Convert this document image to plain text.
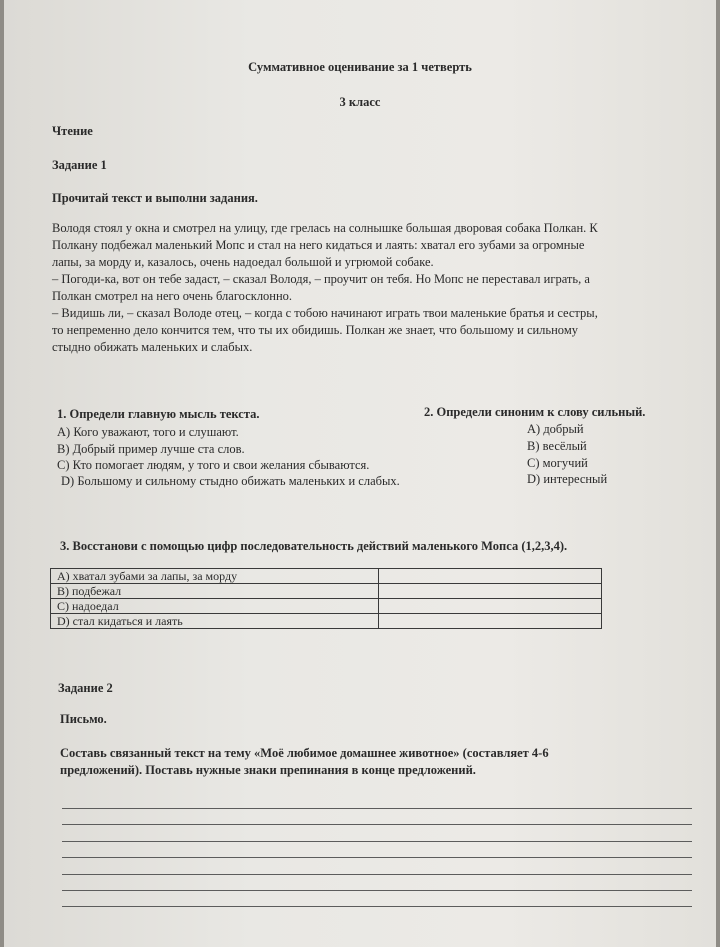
Суммативное оценивание за 1 четверть
3 класс
Чтение
Задание 1
Прочитай текст и выполни задания.
Володя стоял у окна и смотрел на улицу, где грелась на солнышке большая дворовая собака Полкан. К
Полкану подбежал маленький Мопс и стал на него кидаться и лаять: хватал его зубами за огромные
лапы, за морду и, казалось, очень надоедал большой и угрюмой собаке.
– Погоди-ка, вот он тебе задаст, – сказал Володя, – проучит он тебя. Но Мопс не переставал играть, а
Полкан смотрел на него очень благосклонно.
– Видишь ли, – сказал Володе отец, – когда с тобою начинают играть твои маленькие братья и сестры,
то непременно дело кончится тем, что ты их обидишь. Полкан же знает, что большому и сильному
стыдно обижать маленьких и слабых.
1. Определи главную мысль текста.
А) Кого уважают, того и слушают.
В) Добрый пример лучше ста слов.
С) Кто помогает людям, у того и свои желания сбываются.
D) Большому и сильному стыдно обижать маленьких и слабых.
2. Определи синоним к слову сильный.
А) добрый
В) весёлый
С) могучий
D) интересный
3. Восстанови с помощью цифр последовательность действий маленького Мопса (1,2,3,4).
А) хватал зубами за лапы, за морду	
В) подбежал	
С) надоедал	
D) стал кидаться и лаять	
Задание 2
Письмо.
Составь связанный текст на тему «Моё любимое домашнее животное» (составляет 4-6
предложений). Поставь нужные знаки препинания в конце предложений.
